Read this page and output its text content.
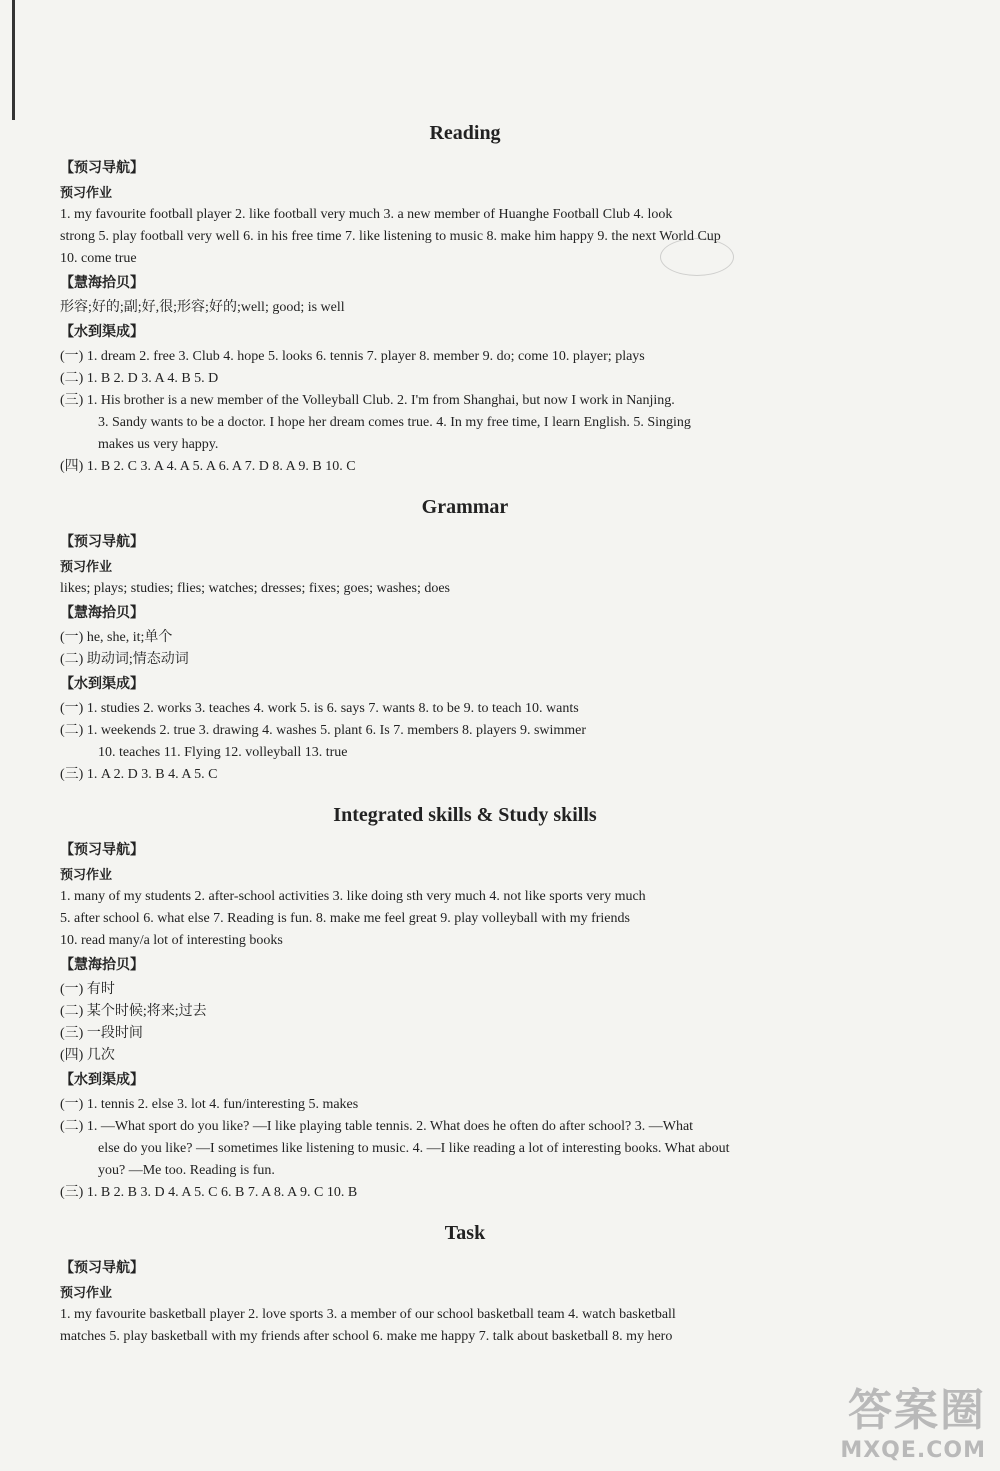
Reading
【预习导航】
预习作业
1. my favourite football player 2. like football very much 3. a new member of Huanghe Football Club 4. look
strong 5. play football very well 6. in his free time 7. like listening to music 8. make him happy 9. the next World Cup
10. come true
【慧海拾贝】
形容;好的;副;好,很;形容;好的;well; good; is well
【水到渠成】
(一) 1. dream 2. free 3. Club 4. hope 5. looks 6. tennis 7. player 8. member 9. do; come 10. player; plays
(二) 1. B 2. D 3. A 4. B 5. D
(三) 1. His brother is a new member of the Volleyball Club. 2. I'm from Shanghai, but now I work in Nanjing.
3. Sandy wants to be a doctor. I hope her dream comes true. 4. In my free time, I learn English. 5. Singing
makes us very happy.
(四) 1. B 2. C 3. A 4. A 5. A 6. A 7. D 8. A 9. B 10. C
Grammar
【预习导航】
预习作业
likes; plays; studies; flies; watches; dresses; fixes; goes; washes; does
【慧海拾贝】
(一) he, she, it;单个
(二) 助动词;情态动词
【水到渠成】
(一) 1. studies 2. works 3. teaches 4. work 5. is 6. says 7. wants 8. to be 9. to teach 10. wants
(二) 1. weekends 2. true 3. drawing 4. washes 5. plant 6. Is 7. members 8. players 9. swimmer
10. teaches 11. Flying 12. volleyball 13. true
(三) 1. A 2. D 3. B 4. A 5. C
Integrated skills & Study skills
【预习导航】
预习作业
1. many of my students 2. after-school activities 3. like doing sth very much 4. not like sports very much
5. after school 6. what else 7. Reading is fun. 8. make me feel great 9. play volleyball with my friends
10. read many/a lot of interesting books
【慧海拾贝】
(一) 有时
(二) 某个时候;将来;过去
(三) 一段时间
(四) 几次
【水到渠成】
(一) 1. tennis 2. else 3. lot 4. fun/interesting 5. makes
(二) 1. —What sport do you like? —I like playing table tennis. 2. What does he often do after school? 3. —What
else do you like? —I sometimes like listening to music. 4. —I like reading a lot of interesting books. What about
you? —Me too. Reading is fun.
(三) 1. B 2. B 3. D 4. A 5. C 6. B 7. A 8. A 9. C 10. B
Task
【预习导航】
预习作业
1. my favourite basketball player 2. love sports 3. a member of our school basketball team 4. watch basketball
matches 5. play basketball with my friends after school 6. make me happy 7. talk about basketball 8. my hero
答案圈
MXQE.COM
